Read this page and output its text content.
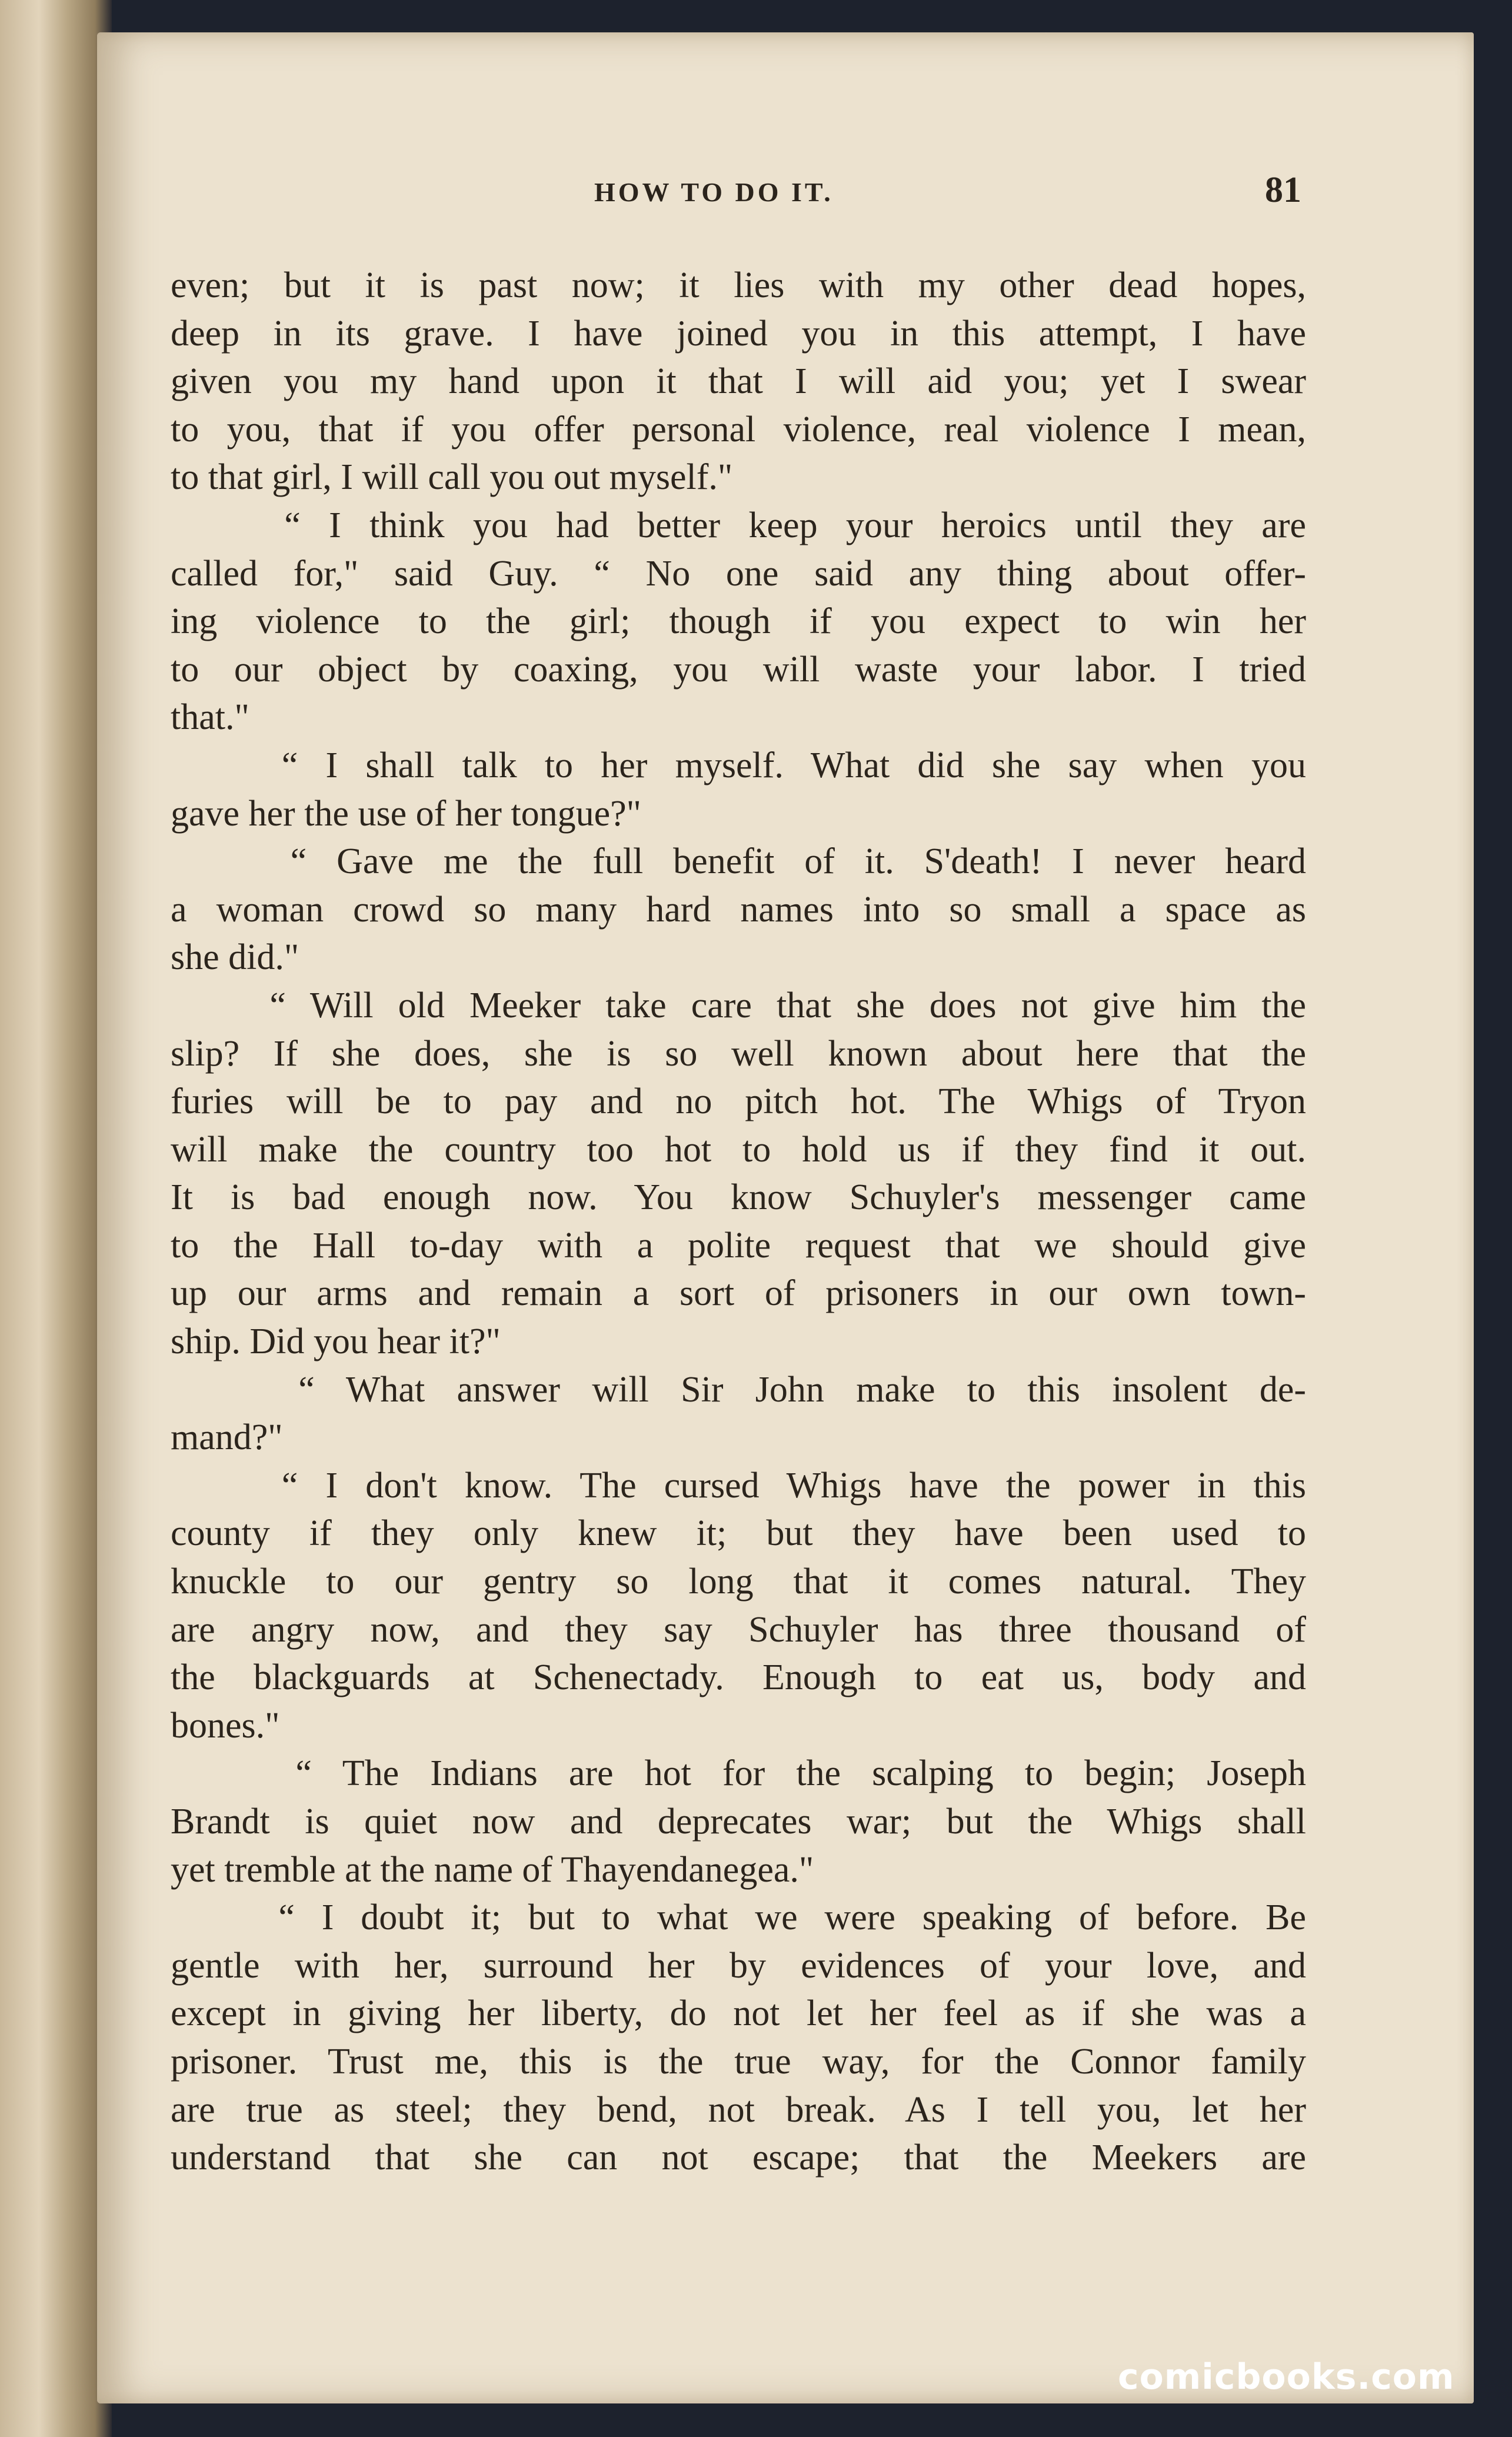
HOW TO DO IT.	81
even; but it is past now; it lies with my other dead hopes,
deep in its grave. I have joined you in this attempt, I have
given you my hand upon it that I will aid you; yet I swear
to you, that if you offer personal violence, real violence I mean,
to that girl, I will call you out myself."
“ I think you had better keep your heroics until they are
called for," said Guy. “ No one said any thing about offer-
ing violence to the girl; though if you expect to win her
to our object by coaxing, you will waste your labor. I tried
that."
“ I shall talk to her myself. What did she say when you
gave her the use of her tongue?"
“ Gave me the full benefit of it. S'death! I never heard
a woman crowd so many hard names into so small a space as
she did."
“ Will old Meeker take care that she does not give him the
slip? If she does, she is so well known about here that the
furies will be to pay and no pitch hot. The Whigs of Tryon
will make the country too hot to hold us if they find it out.
It is bad enough now. You know Schuyler's messenger came
to the Hall to-day with a polite request that we should give
up our arms and remain a sort of prisoners in our own town-
ship. Did you hear it?"
“ What answer will Sir John make to this insolent de-
mand?"
“ I don't know. The cursed Whigs have the power in this
county if they only knew it; but they have been used to
knuckle to our gentry so long that it comes natural. They
are angry now, and they say Schuyler has three thousand of
the blackguards at Schenectady. Enough to eat us, body and
bones."
“ The Indians are hot for the scalping to begin; Joseph
Brandt is quiet now and deprecates war; but the Whigs shall
yet tremble at the name of Thayendanegea."
“ I doubt it; but to what we were speaking of before. Be
gentle with her, surround her by evidences of your love, and
except in giving her liberty, do not let her feel as if she was a
prisoner. Trust me, this is the true way, for the Connor family
are true as steel; they bend, not break. As I tell you, let her
understand that she can not escape; that the Meekers are
comicbooks.com
